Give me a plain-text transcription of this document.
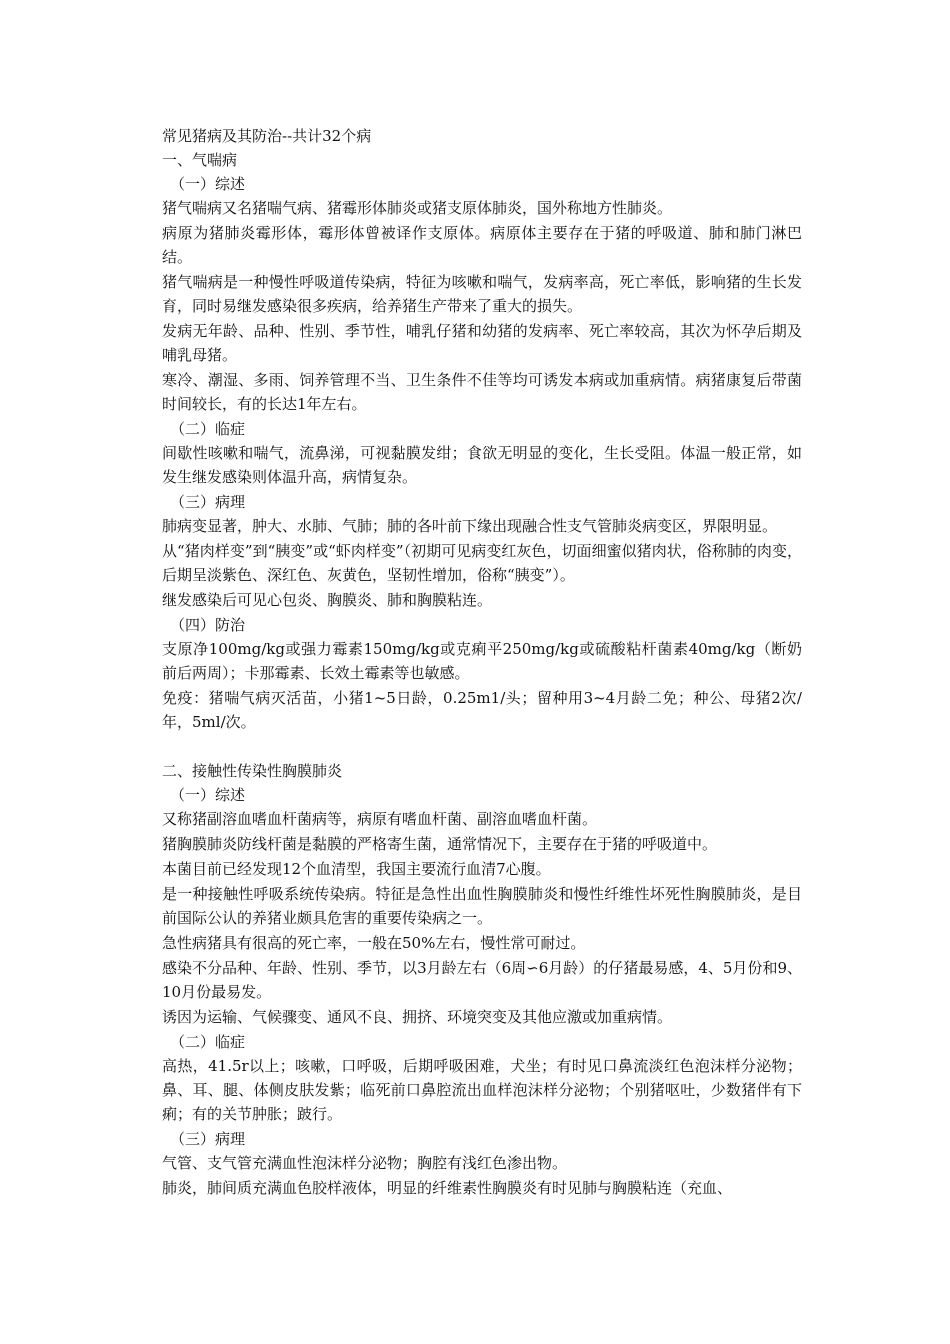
常见猪病及其防治--共计32个病

一、气喘病

（一）综述

猪气喘病又名猪喘气病、猪霉形体肺炎或猪支原体肺炎，国外称地方性肺炎。

病原为猪肺炎霉形体，霉形体曾被译作支原体。病原体主要存在于猪的呼吸道、肺和肺门淋巴结。

猪气喘病是一种慢性呼吸道传染病，特征为咳嗽和喘气，发病率高，死亡率低，影响猪的生长发育，同时易继发感染很多疾病，给养猪生产带来了重大的损失。

发病无年龄、品种、性别、季节性，哺乳仔猪和幼猪的发病率、死亡率较高，其次为怀孕后期及哺乳母猪。

寒冷、潮湿、多雨、饲养管理不当、卫生条件不佳等均可诱发本病或加重病情。病猪康复后带菌时间较长，有的长达1年左右。

（二）临症

间歇性咳嗽和喘气，流鼻涕，可视黏膜发绀；食欲无明显的变化，生长受阻。体温一般正常，如发生继发感染则体温升高，病情复杂。

（三）病理

肺病变显著，肿大、水肺、气肺；肺的各叶前下缘出现融合性支气管肺炎病变区，界限明显。

从“猪肉样变”到“胰变”或“虾肉样变”（初期可见病变红灰色，切面细蜜似猪肉状，俗称肺的肉变，后期呈淡紫色、深红色、灰黄色，坚韧性增加，俗称“胰变”）。

继发感染后可见心包炎、胸膜炎、肺和胸膜粘连。

（四）防治

支原净100mg/kg或强力霉素150mg/kg或克痢平250mg/kg或硫酸粘杆菌素40mg/kg（断奶前后两周）；卡那霉素、长效土霉素等也敏感。

免疫：猪喘气病灭活苗，小猪1~5日龄，0.25m1/头；留种用3~4月龄二免；种公、母猪2次/年，5ml/次。

二、接触性传染性胸膜肺炎

（一）综述

又称猪副溶血嗜血杆菌病等，病原有嗜血杆菌、副溶血嗜血杆菌。

猪胸膜肺炎防线杆菌是黏膜的严格寄生菌，通常情况下，主要存在于猪的呼吸道中。

本菌目前已经发现12个血清型，我国主要流行血清7心腹。

是一种接触性呼吸系统传染病。特征是急性出血性胸膜肺炎和慢性纤维性坏死性胸膜肺炎，是目前国际公认的养猪业颇具危害的重要传染病之一。

急性病猪具有很高的死亡率，一般在50%左右，慢性常可耐过。

感染不分品种、年龄、性别、季节，以3月龄左右（6周∽6月龄）的仔猪最易感，4、5月份和9、10月份最易发。

诱因为运输、气候骤变、通风不良、拥挤、环境突变及其他应激或加重病情。

（二）临症

高热，41.5r以上；咳嗽，口呼吸，后期呼吸困难，犬坐；有时见口鼻流淡红色泡沫样分泌物；鼻、耳、腿、体侧皮肤发紫；临死前口鼻腔流出血样泡沫样分泌物；个别猪呕吐，少数猪伴有下痢；有的关节肿胀；跛行。

（三）病理

气管、支气管充满血性泡沫样分泌物；胸腔有浅红色渗出物。

肺炎，肺间质充满血色胶样液体，明显的纤维素性胸膜炎有时见肺与胸膜粘连（充血、
